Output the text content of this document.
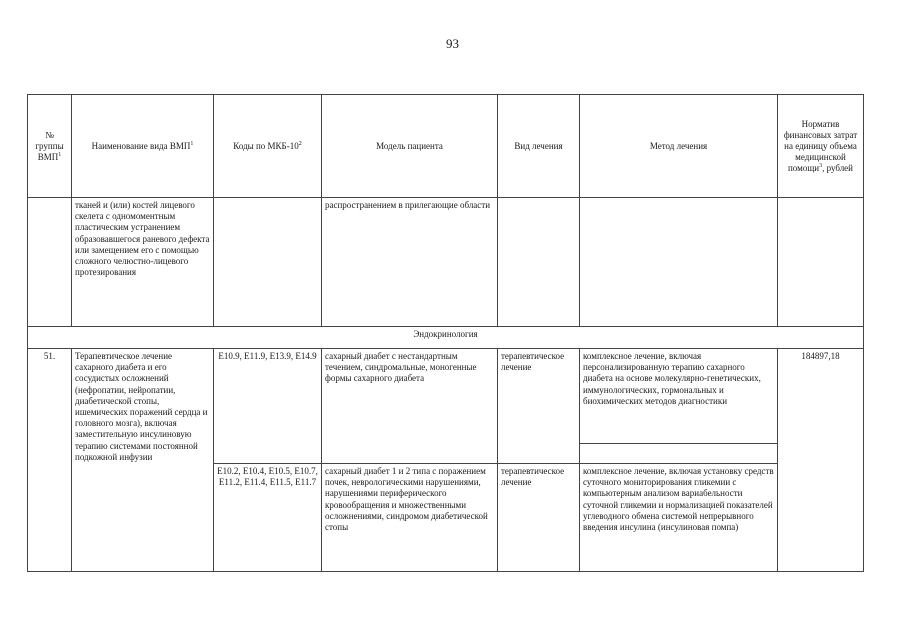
93
№ группы ВМП$^1$	Наименование вида ВМП$^1$	Коды по МКБ-$10^2$	Модель пациента	Вид лечения	Метод лечения	Норматив финансовых затрат на единицу объема медицинской помощи$^3$, рублей
	тканей и (или) костей лицевого скелета с одномоментным пластическим устранением образовавшегося раневого дефекта или замещением его с помощью сложного челюстно-лицевого протезирования		распространением в прилегающие области			
Эндокринология						
51.	Терапевтическое лечение сахарного диабета и его сосудистых осложнений (нефропатии, нейропатии, диабетической стопы, ишемических поражений сердца и головного мозга), включая заместительную инсулиновую терапию системами постоянной подкожной инфузии	E10.9, E11.9, E13.9, E14.9	сахарный диабет с нестандартным течением, синдромальные, моногенные формы сахарного диабета	терапевтическое лечение	комплексное лечение, включая персонализированную терапию сахарного диабета на основе молекулярно-генетических, иммунологических, гормональных и биохимических методов диагностики	184897,18

		E10.2, E10.4, E10.5, E10.7, E11.2, E11.4, E11.5, E11.7	сахарный диабет 1 и 2 типа с поражением почек, неврологическими нарушениями, нарушениями периферического кровообращения и множественными осложнениями, синдромом диабетической стопы	терапевтическое лечение	комплексное лечение, включая установку средств суточного мониторирования гликемии с компьютерным анализом вариабельности суточной гликемии и нормализацией показателей углеводного обмена системой непрерывного введения инсулина (инсулиновая помпа)	
